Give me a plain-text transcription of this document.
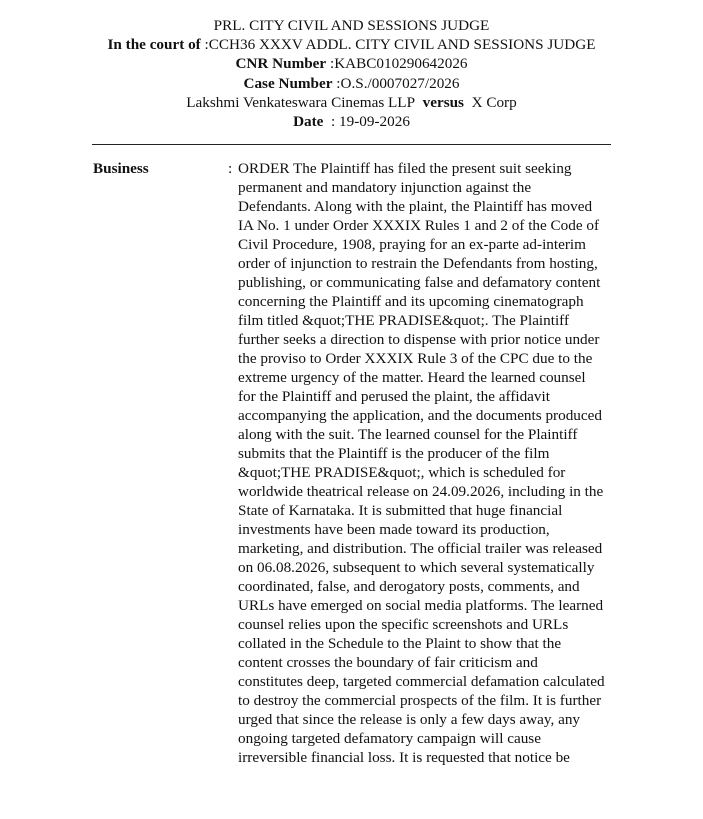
PRL. CITY CIVIL AND SESSIONS JUDGE
In the court of :CCH36 XXXV ADDL. CITY CIVIL AND SESSIONS JUDGE
CNR Number :KABC010290642026
Case Number :O.S./0007027/2026
Lakshmi Venkateswara Cinemas LLP versus X Corp
Date : 19-09-2026
Business	: ORDER The Plaintiff has filed the present suit seeking
permanent and mandatory injunction against the
Defendants. Along with the plaint, the Plaintiff has moved
IA No. 1 under Order XXXIX Rules 1 and 2 of the Code of
Civil Procedure, 1908, praying for an ex-parte ad-interim
order of injunction to restrain the Defendants from hosting,
publishing, or communicating false and defamatory content
concerning the Plaintiff and its upcoming cinematograph
film titled &quot;THE PRADISE&quot;. The Plaintiff
further seeks a direction to dispense with prior notice under
the proviso to Order XXXIX Rule 3 of the CPC due to the
extreme urgency of the matter. Heard the learned counsel
for the Plaintiff and perused the plaint, the affidavit
accompanying the application, and the documents produced
along with the suit. The learned counsel for the Plaintiff
submits that the Plaintiff is the producer of the film
&quot;THE PRADISE&quot;, which is scheduled for
worldwide theatrical release on 24.09.2026, including in the
State of Karnataka. It is submitted that huge financial
investments have been made toward its production,
marketing, and distribution. The official trailer was released
on 06.08.2026, subsequent to which several systematically
coordinated, false, and derogatory posts, comments, and
URLs have emerged on social media platforms. The learned
counsel relies upon the specific screenshots and URLs
collated in the Schedule to the Plaint to show that the
content crosses the boundary of fair criticism and
constitutes deep, targeted commercial defamation calculated
to destroy the commercial prospects of the film. It is further
urged that since the release is only a few days away, any
ongoing targeted defamatory campaign will cause
irreversible financial loss. It is requested that notice be
